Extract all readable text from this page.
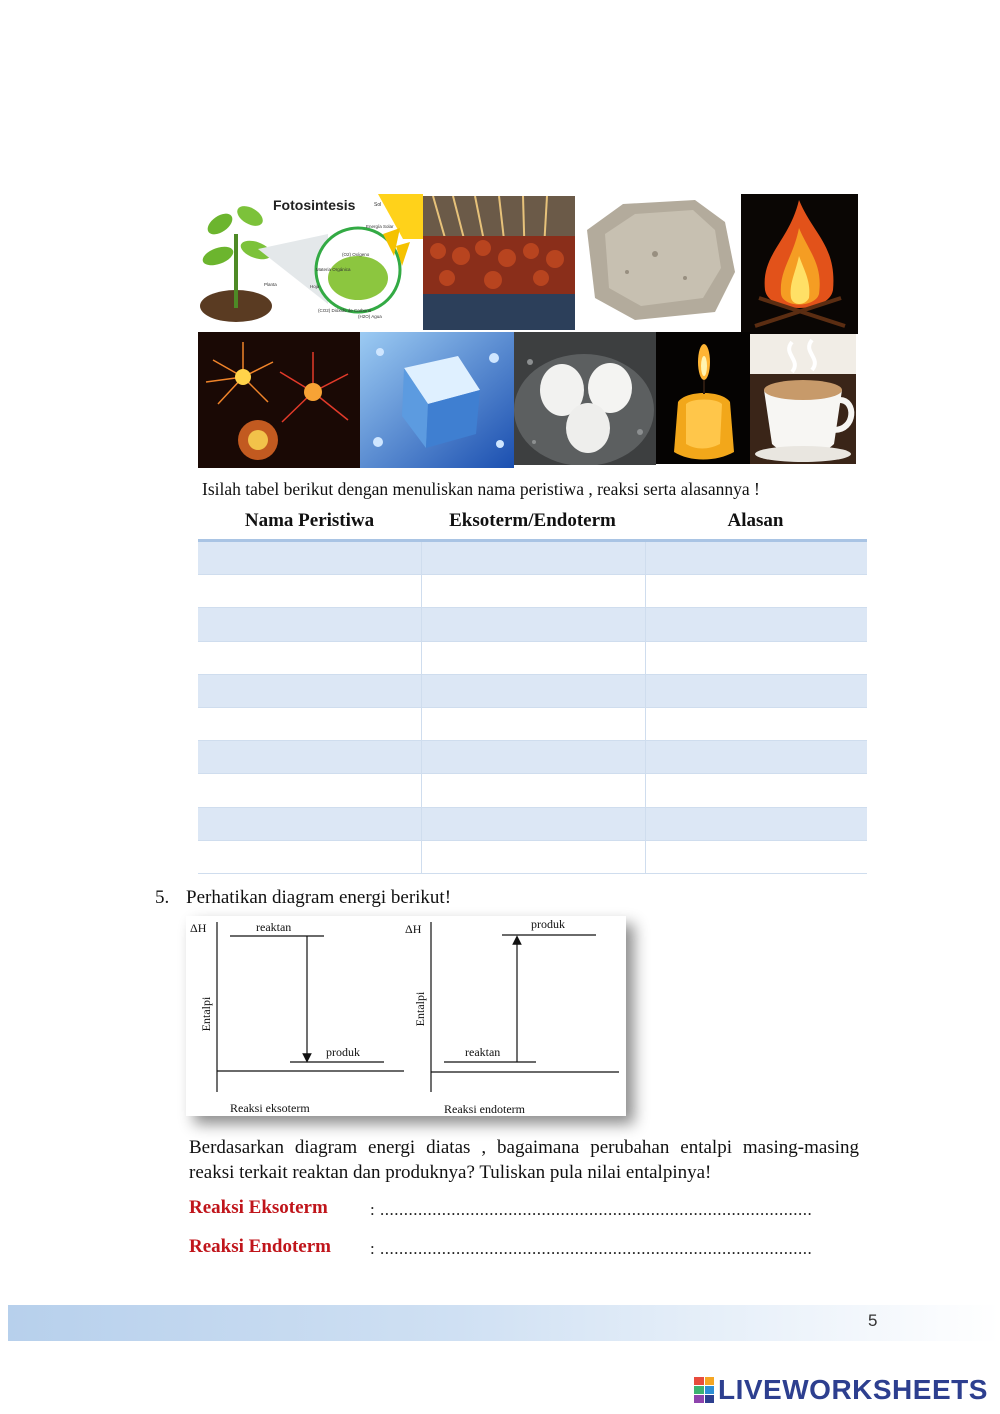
Fotosintesis	Sol
Energía Solar
(O2) Oxígeno
Materia Orgánica
Hoja
Planta
(CO2) Dióxido de Carbono
(H2O) Agua
Isilah tabel berikut dengan menuliskan nama peristiwa , reaksi serta alasannya !
Nama Peristiwa	Eksoterm/Endoterm	Alasan
5. Perhatikan diagram energi berikut!
ΔH
Entalpi
reaktan
produk
Reaksi eksoterm
ΔH
Entalpi
produk
reaktan
Reaksi endoterm
Berdasarkan diagram energi diatas , bagaimana perubahan entalpi masing-masing reaksi terkait reaktan dan produknya? Tuliskan pula nilai entalpinya!
Reaksi Eksoterm : ...........................................................................................
Reaksi Endoterm : ...........................................................................................
5
LIVEWORKSHEETS
